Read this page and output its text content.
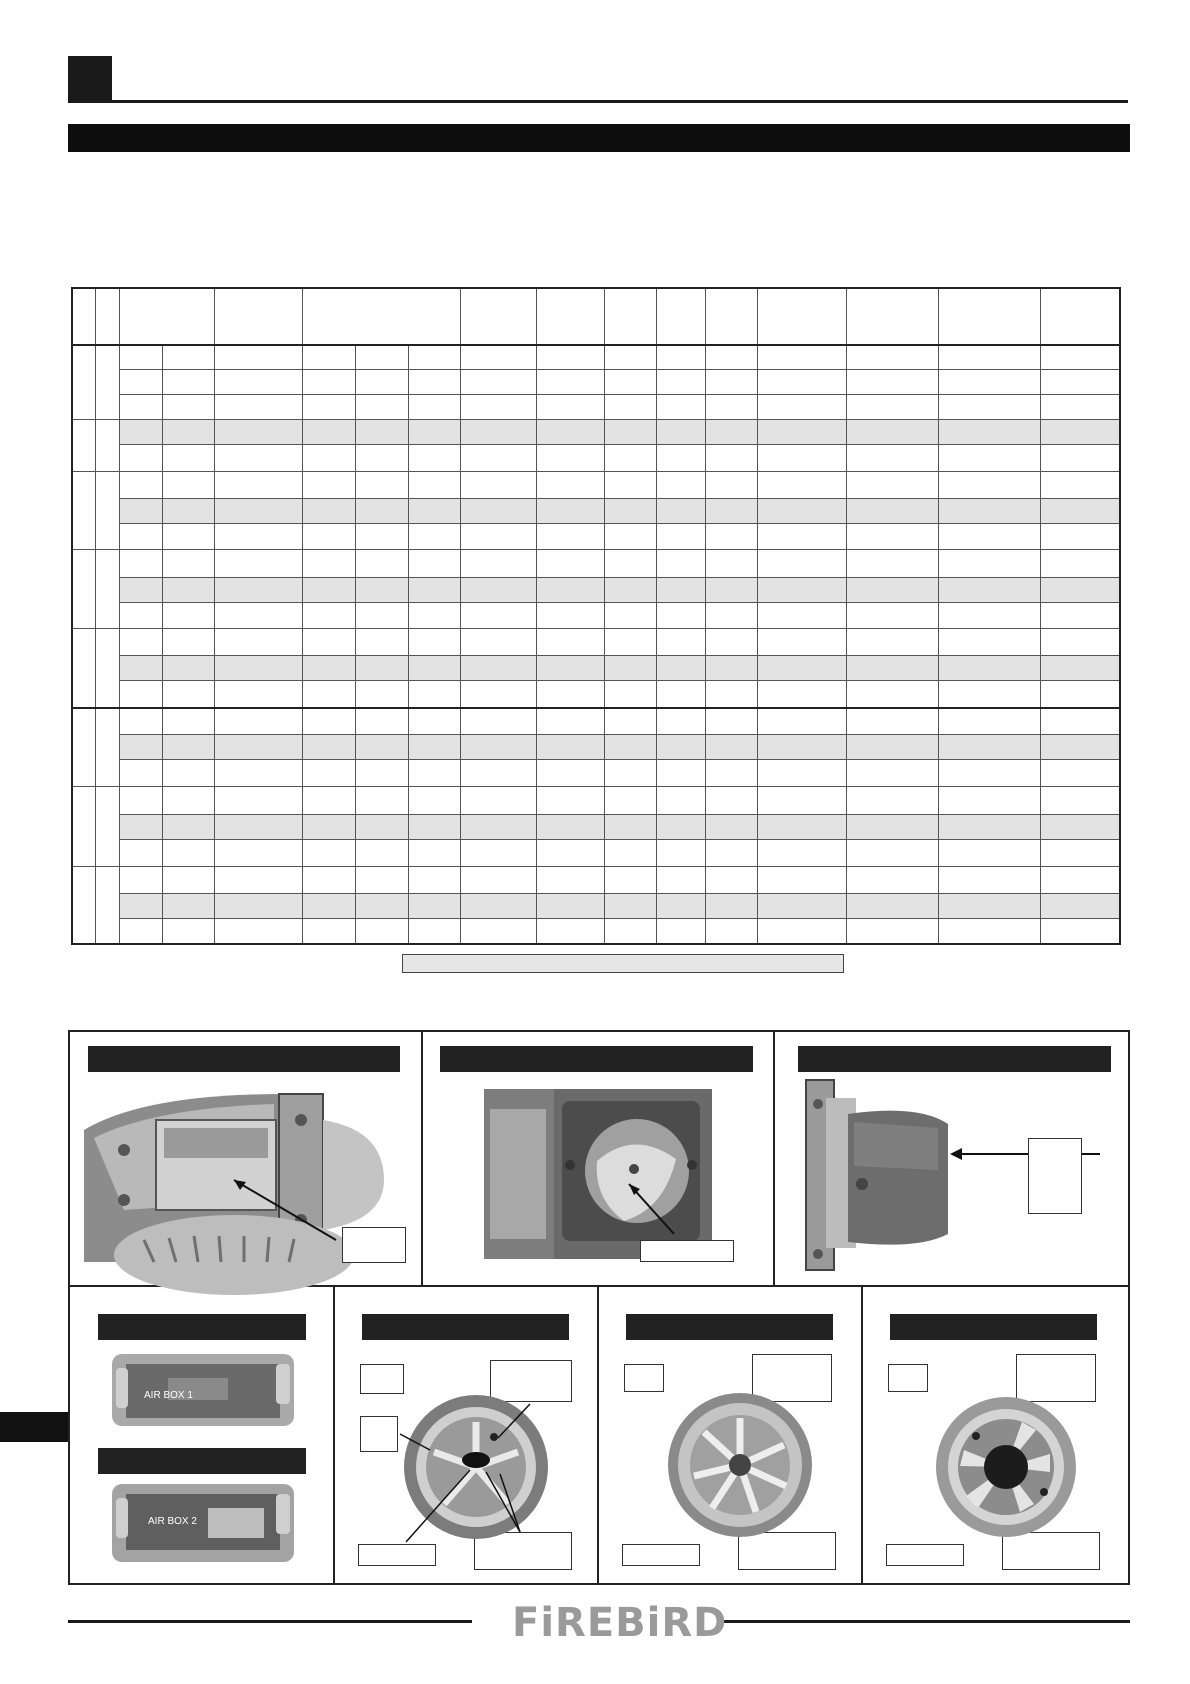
AIR BOX 1
AIR BOX 2
FiREBiRD
